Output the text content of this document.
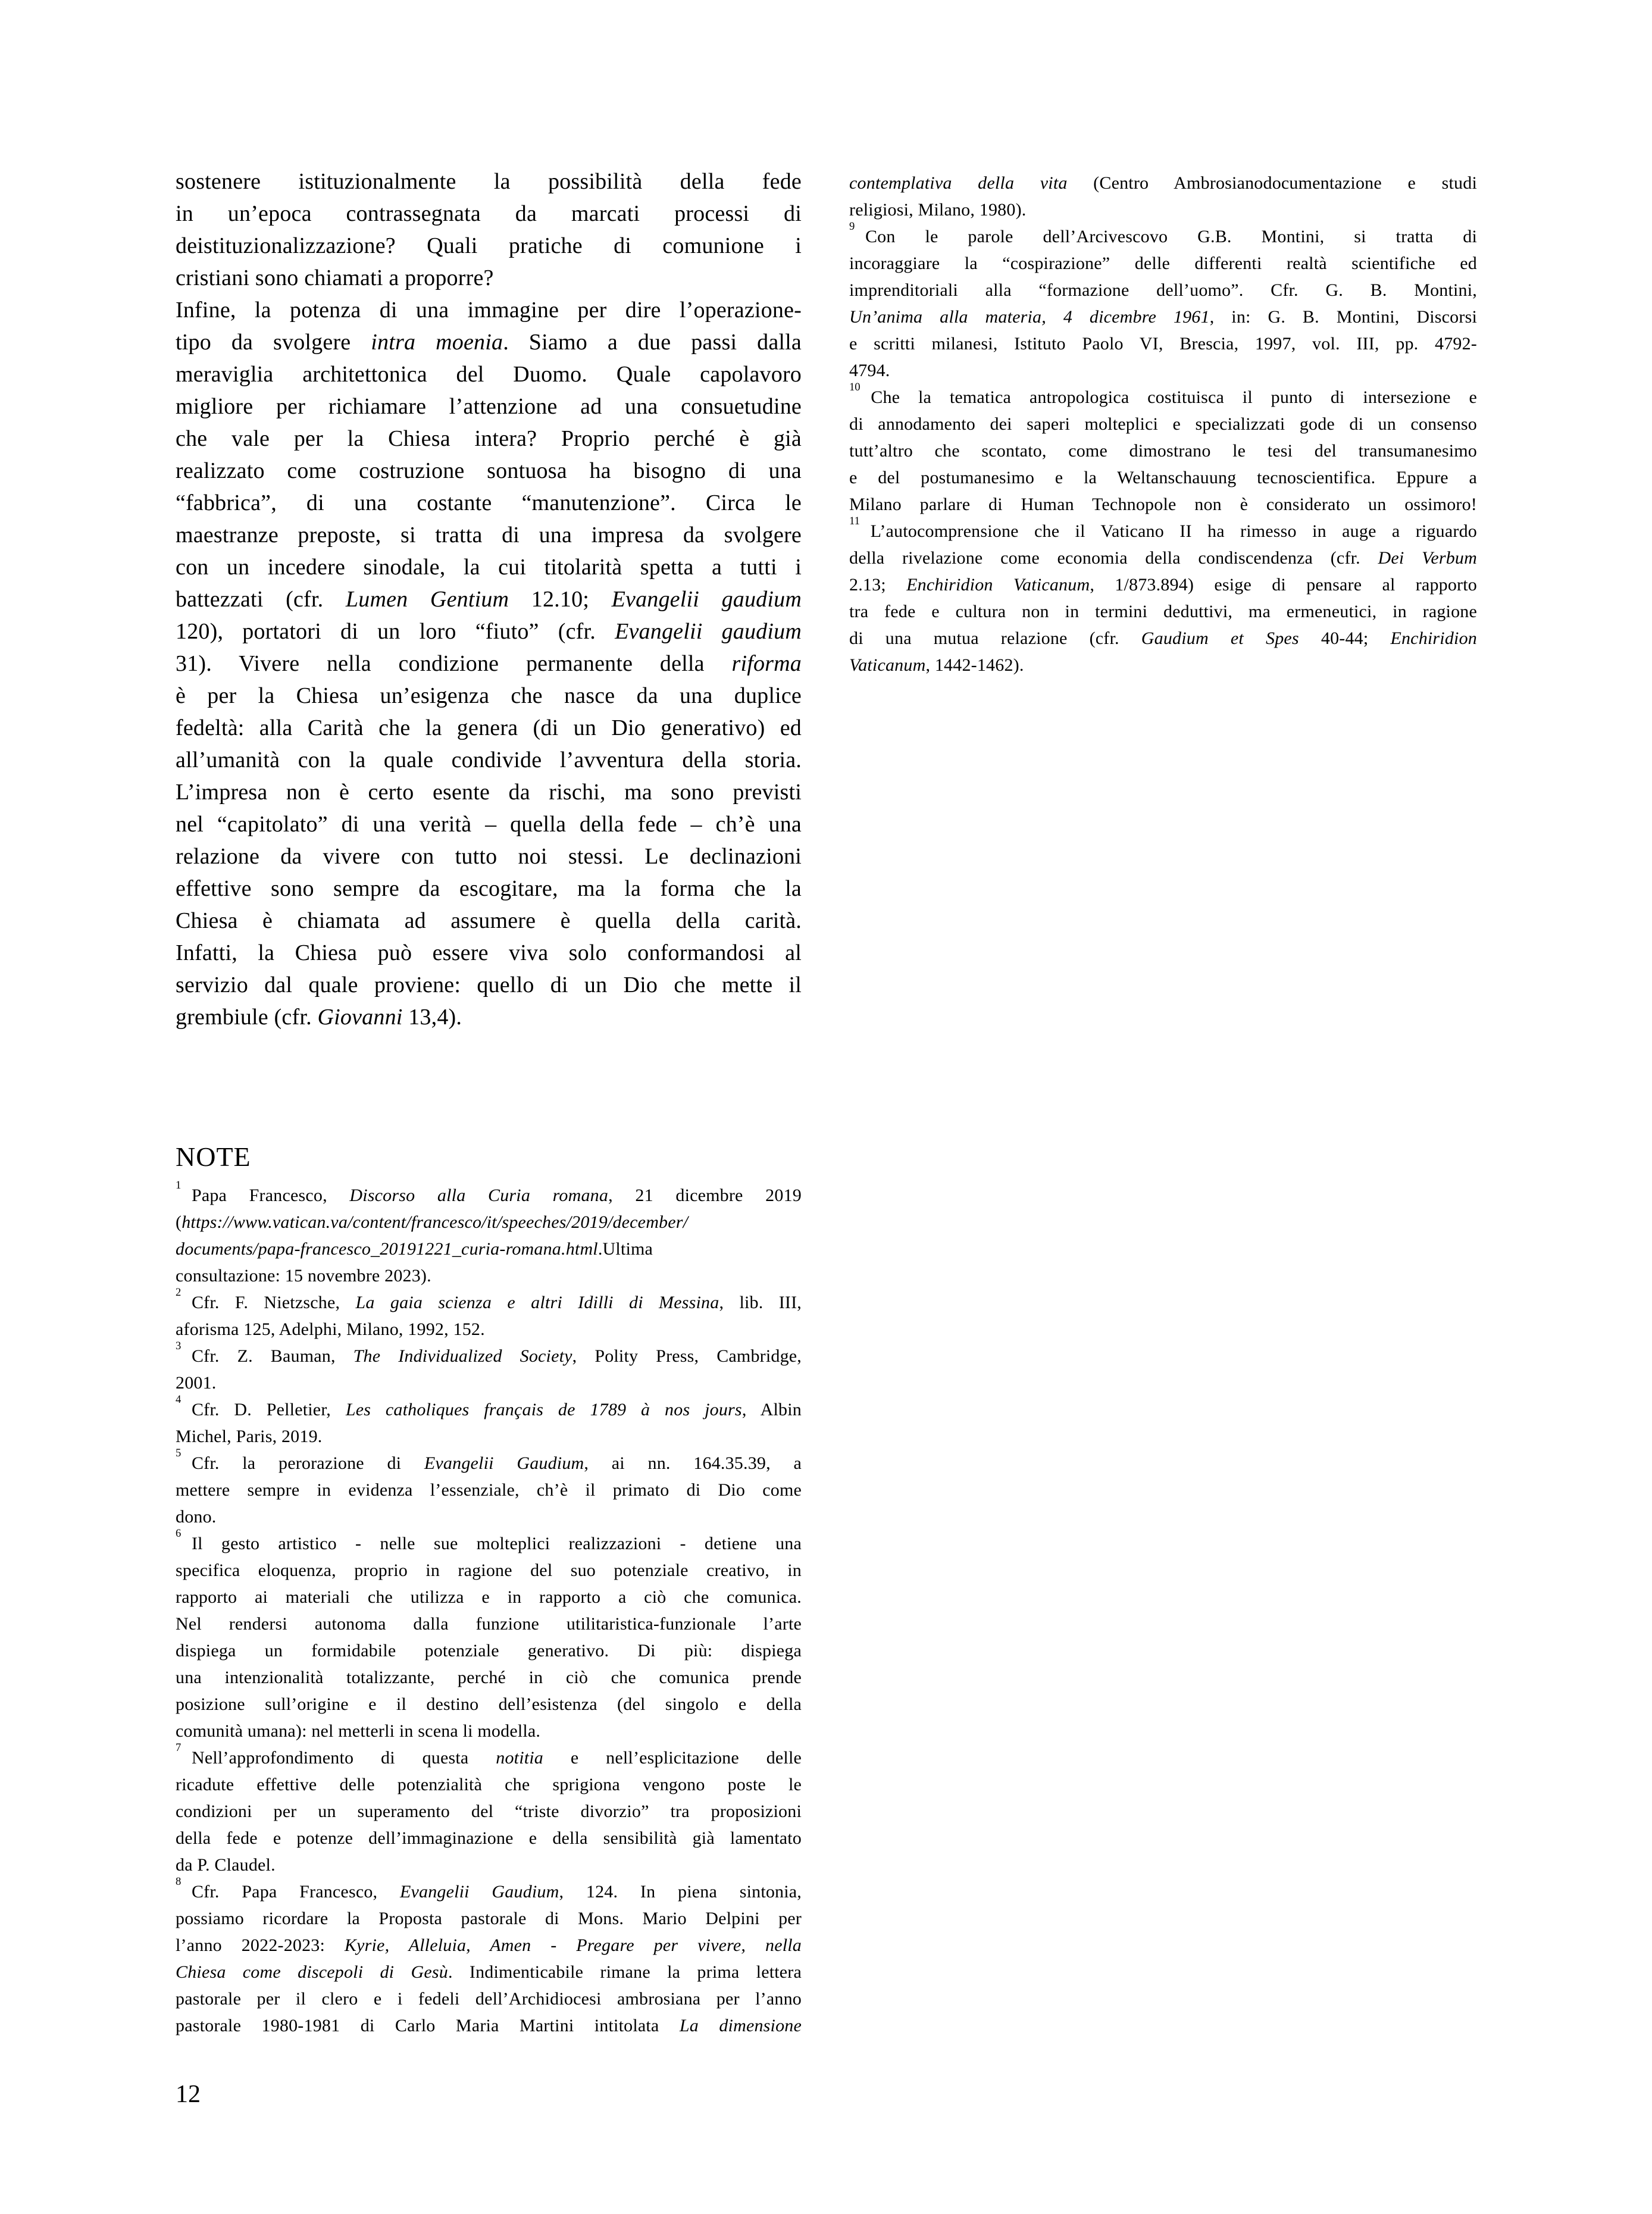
sostenere istituzionalmente la possibilità della fede
in un’epoca contrassegnata da marcati processi di
deistituzionalizzazione? Quali pratiche di comunione i
cristiani sono chiamati a proporre?
Infine, la potenza di una immagine per dire l’operazione-
tipo da svolgere intra moenia. Siamo a due passi dalla
meraviglia architettonica del Duomo. Quale capolavoro
migliore per richiamare l’attenzione ad una consuetudine
che vale per la Chiesa intera? Proprio perché è già
realizzato come costruzione sontuosa ha bisogno di una
“fabbrica”, di una costante “manutenzione”. Circa le
maestranze preposte, si tratta di una impresa da svolgere
con un incedere sinodale, la cui titolarità spetta a tutti i
battezzati (cfr. Lumen Gentium 12.10; Evangelii gaudium
120), portatori di un loro “fiuto” (cfr. Evangelii gaudium
31). Vivere nella condizione permanente della riforma
è per la Chiesa un’esigenza che nasce da una duplice
fedeltà: alla Carità che la genera (di un Dio generativo) ed
all’umanità con la quale condivide l’avventura della storia.
L’impresa non è certo esente da rischi, ma sono previsti
nel “capitolato” di una verità – quella della fede – ch’è una
relazione da vivere con tutto noi stessi. Le declinazioni
effettive sono sempre da escogitare, ma la forma che la
Chiesa è chiamata ad assumere è quella della carità.
Infatti, la Chiesa può essere viva solo conformandosi al
servizio dal quale proviene: quello di un Dio che mette il
grembiule (cfr. Giovanni 13,4).
NOTE
$^1$Papa Francesco, Discorso alla Curia romana, 21 dicembre 2019
(https://www.vatican.va/content/francesco/it/speeches/2019/december/
documents/papa-francesco_20191221_curia-romana.html.Ultima
consultazione: 15 novembre 2023).
$^2$Cfr. F. Nietzsche, La gaia scienza e altri Idilli di Messina, lib. III,
aforisma 125, Adelphi, Milano, 1992, 152.
$^3$Cfr. Z. Bauman, The Individualized Society, Polity Press, Cambridge,
2001.
$^4$Cfr. D. Pelletier, Les catholiques français de 1789 à nos jours, Albin
Michel, Paris, 2019.
$^5$Cfr. la perorazione di Evangelii Gaudium, ai nn. 164.35.39, a
mettere sempre in evidenza l’essenziale, ch’è il primato di Dio come
dono.
$^6$Il gesto artistico - nelle sue molteplici realizzazioni - detiene una
specifica eloquenza, proprio in ragione del suo potenziale creativo, in
rapporto ai materiali che utilizza e in rapporto a ciò che comunica.
Nel rendersi autonoma dalla funzione utilitaristica-funzionale l’arte
dispiega un formidabile potenziale generativo. Di più: dispiega
una intenzionalità totalizzante, perché in ciò che comunica prende
posizione sull’origine e il destino dell’esistenza (del singolo e della
comunità umana): nel metterli in scena li modella.
$^7$Nell’approfondimento di questa notitia e nell’esplicitazione delle
ricadute effettive delle potenzialità che sprigiona vengono poste le
condizioni per un superamento del “triste divorzio” tra proposizioni
della fede e potenze dell’immaginazione e della sensibilità già lamentato
da P. Claudel.
$^8$Cfr. Papa Francesco, Evangelii Gaudium, 124. In piena sintonia,
possiamo ricordare la Proposta pastorale di Mons. Mario Delpini per
l’anno 2022-2023: Kyrie, Alleluia, Amen - Pregare per vivere, nella
Chiesa come discepoli di Gesù. Indimenticabile rimane la prima lettera
pastorale per il clero e i fedeli dell’Archidiocesi ambrosiana per l’anno
pastorale 1980-1981 di Carlo Maria Martini intitolata La dimensione
contemplativa della vita (Centro Ambrosianodocumentazione e studi
religiosi, Milano, 1980).
$^9$Con le parole dell’Arcivescovo G.B. Montini, si tratta di
incoraggiare la “cospirazione” delle differenti realtà scientifiche ed
imprenditoriali alla “formazione dell’uomo”. Cfr. G. B. Montini,
Un’anima alla materia, 4 dicembre 1961, in: G. B. Montini, Discorsi
e scritti milanesi, Istituto Paolo VI, Brescia, 1997, vol. III, pp. 4792-
4794.
$^{10}$Che la tematica antropologica costituisca il punto di intersezione e
di annodamento dei saperi molteplici e specializzati gode di un consenso
tutt’altro che scontato, come dimostrano le tesi del transumanesimo
e del postumanesimo e la Weltanschauung tecnoscientifica. Eppure a
Milano parlare di Human Technopole non è considerato un ossimoro!
$^{11}$L’autocomprensione che il Vaticano II ha rimesso in auge a riguardo
della rivelazione come economia della condiscendenza (cfr. Dei Verbum
2.13; Enchiridion Vaticanum, 1/873.894) esige di pensare al rapporto
tra fede e cultura non in termini deduttivi, ma ermeneutici, in ragione
di una mutua relazione (cfr. Gaudium et Spes 40-44; Enchiridion
Vaticanum, 1442-1462).
12
